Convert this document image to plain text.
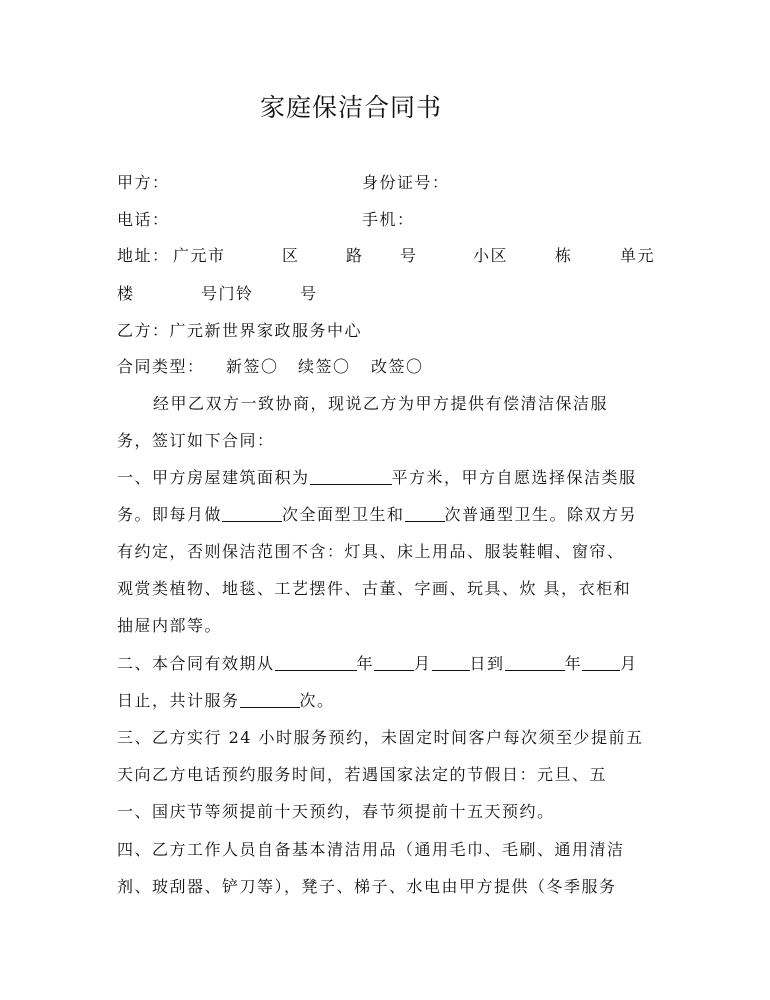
家庭保洁合同书
甲方：	身份证号：
电话：	手机：
地址： 广元市	区	路 号	小区	栋	单元
楼	号门铃	号
乙方：广元新世界家政服务中心
合同类型： 新签〇 续签〇 改签〇
经甲乙双方一致协商，现说乙方为甲方提供有偿清洁保洁服
务，签订如下合同：
一、甲方房屋建筑面积为	平方米，甲方自愿选择保洁类服
务。即每月做	次全面型卫生和	次普通型卫生。除双方另
有约定，否则保洁范围不含：灯具、床上用品、服装鞋帽、窗帘、
观赏类植物、地毯、工艺摆件、古董、字画、玩具、炊 具，衣柜和
抽屉内部等。
二、本合同有效期从	年	月 日到	年 月
日止，共计服务	次。
三、乙方实行 24 小时服务预约，未固定时间客户每次须至少提前五
天向乙方电话预约服务时间，若遇国家法定的节假日：元旦、五
一、国庆节等须提前十天预约，春节须提前十五天预约。
四、乙方工作人员自备基本清洁用品（通用毛巾、毛刷、通用清洁
剂、玻刮器、铲刀等），凳子、梯子、水电由甲方提供（冬季服务
